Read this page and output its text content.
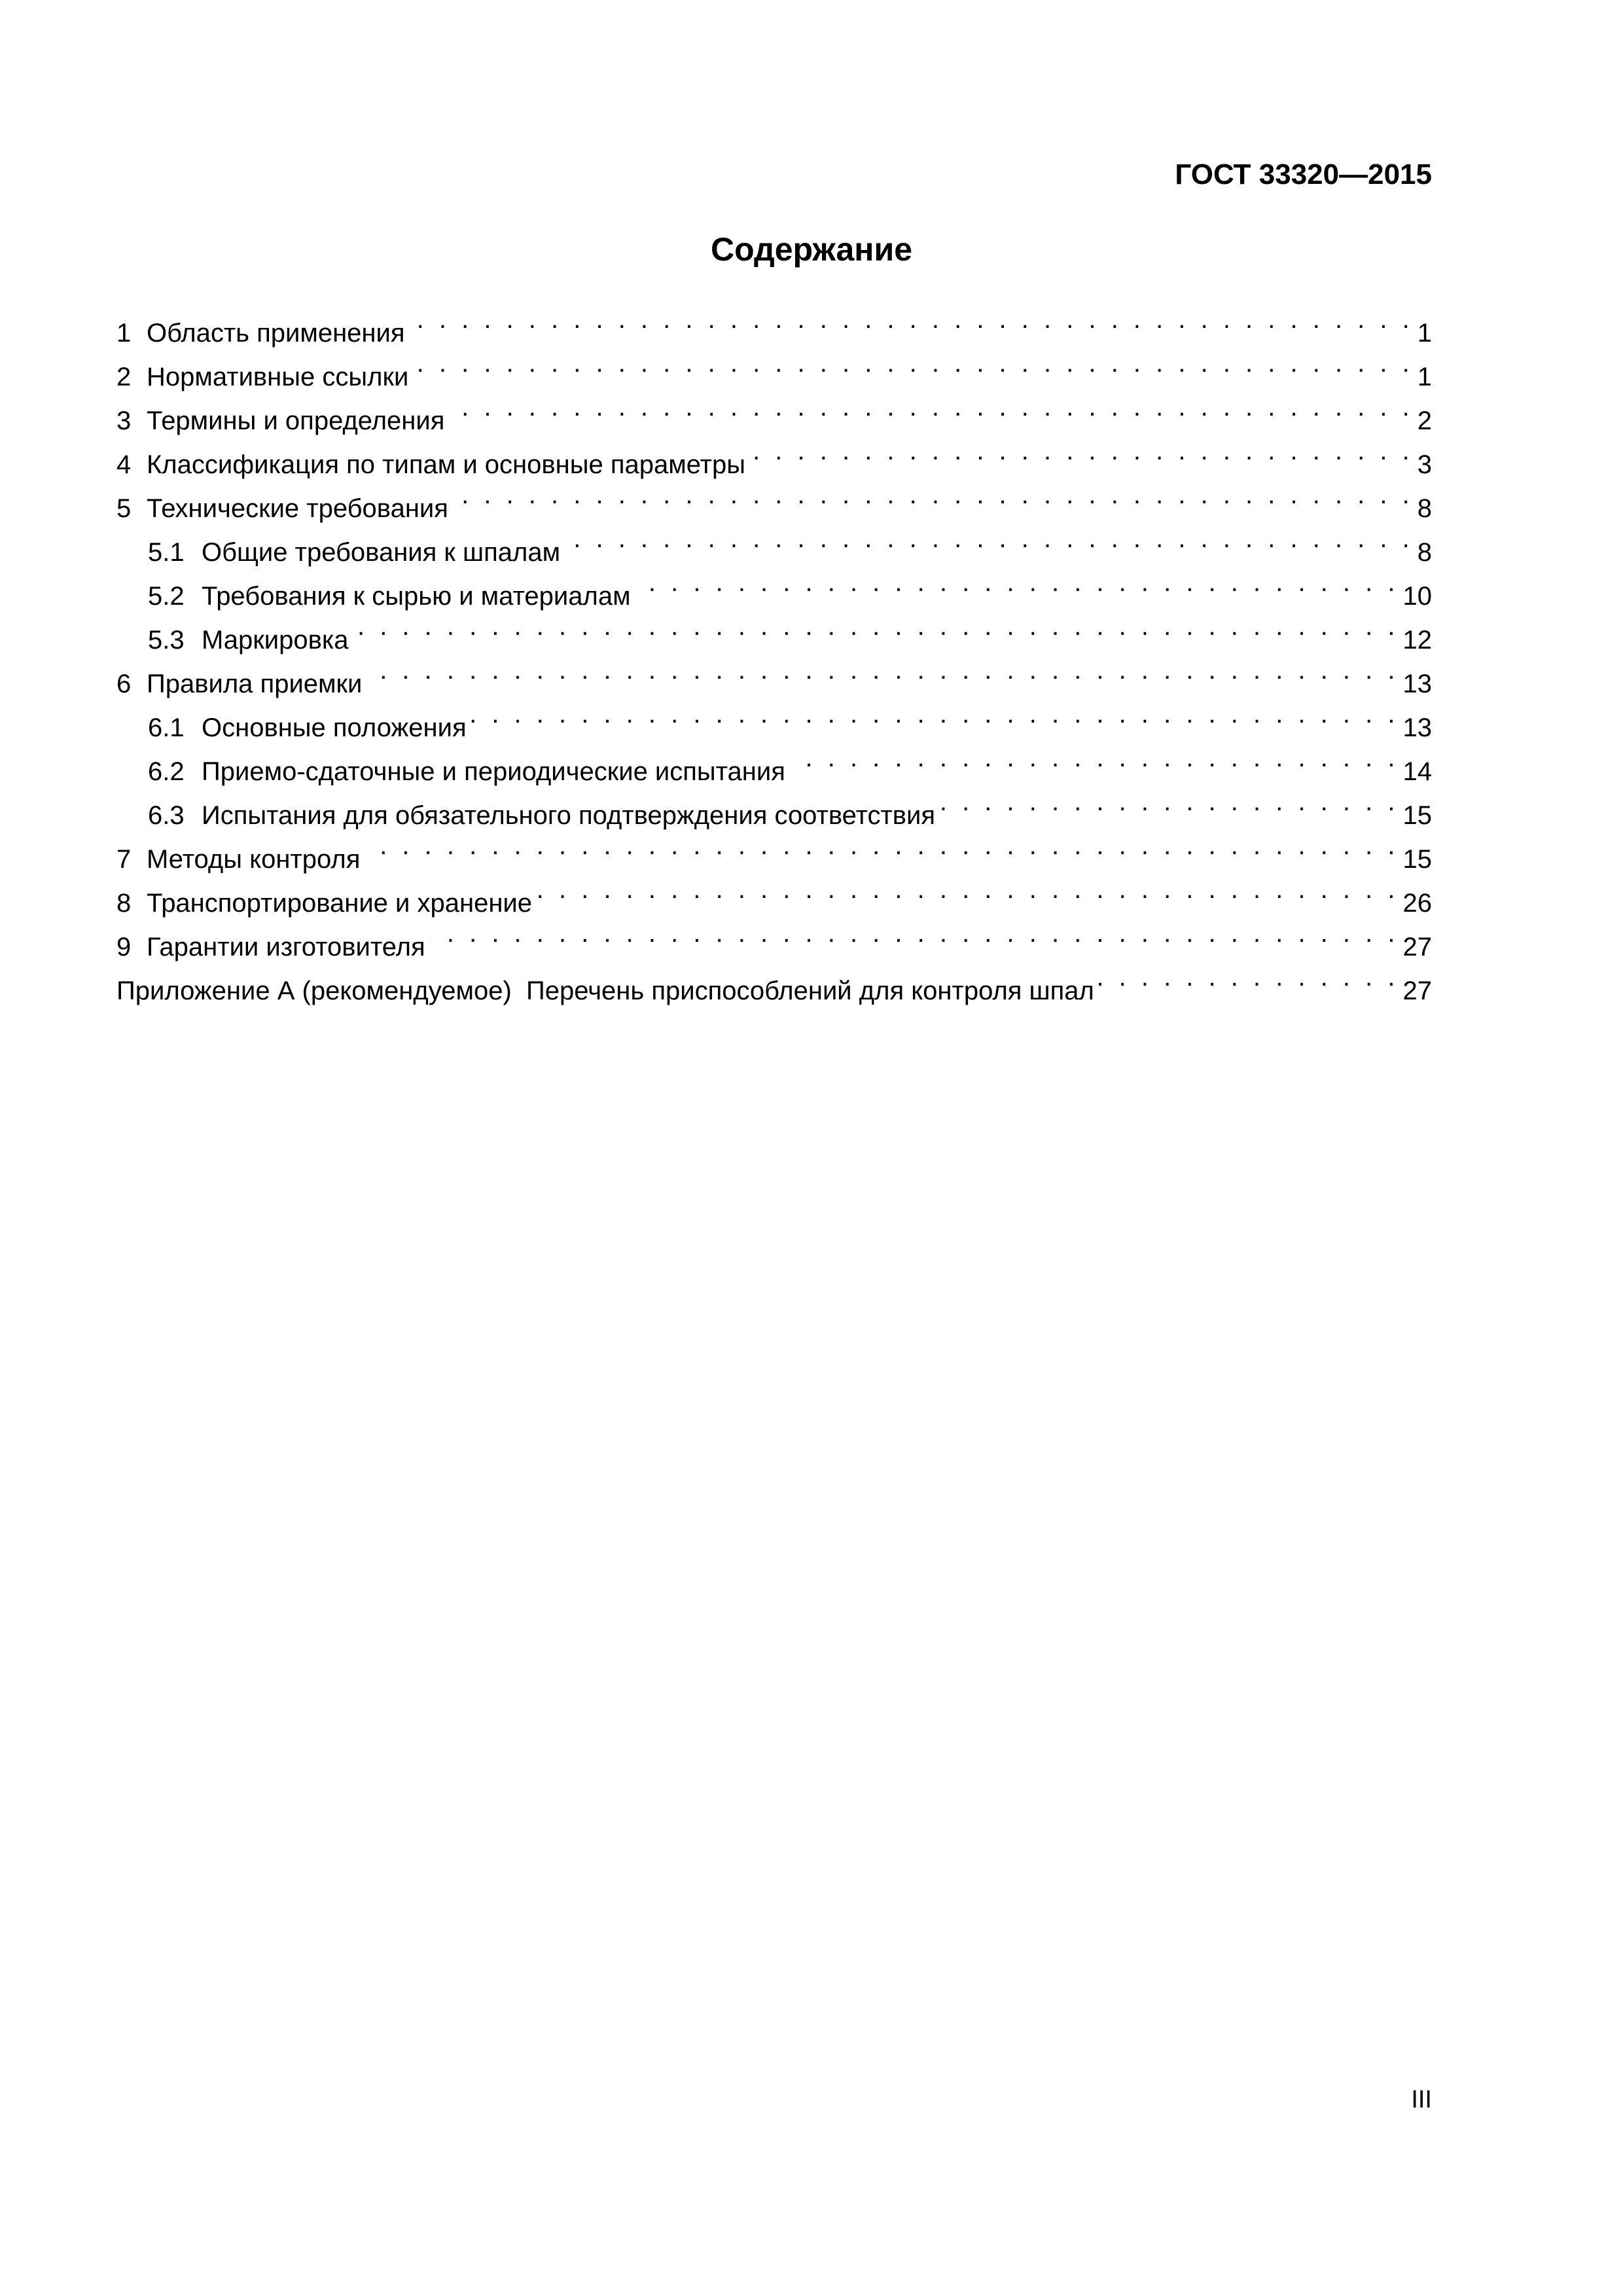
ГОСТ 33320—2015
Содержание
1 Область применения . . .	1
2 Нормативные ссылки . . .	1
3 Термины и определения . . .	2
4 Классификация по типам и основные параметры . . .	3
5 Технические требования . . .	8
5.1 Общие требования к шпалам . . .	8
5.2 Требования к сырью и материалам . . .	10
5.3 Маркировка . . .	12
6 Правила приемки . . .	13
6.1 Основные положения . . .	13
6.2 Приемо-сдаточные и периодические испытания . . .	14
6.3 Испытания для обязательного подтверждения соответствия . . .	15
7 Методы контроля . . .	15
8 Транспортирование и хранение . . .	26
9 Гарантии изготовителя . . .	27
Приложение А (рекомендуемое)  Перечень приспособлений для контроля шпал . . .	27
III
